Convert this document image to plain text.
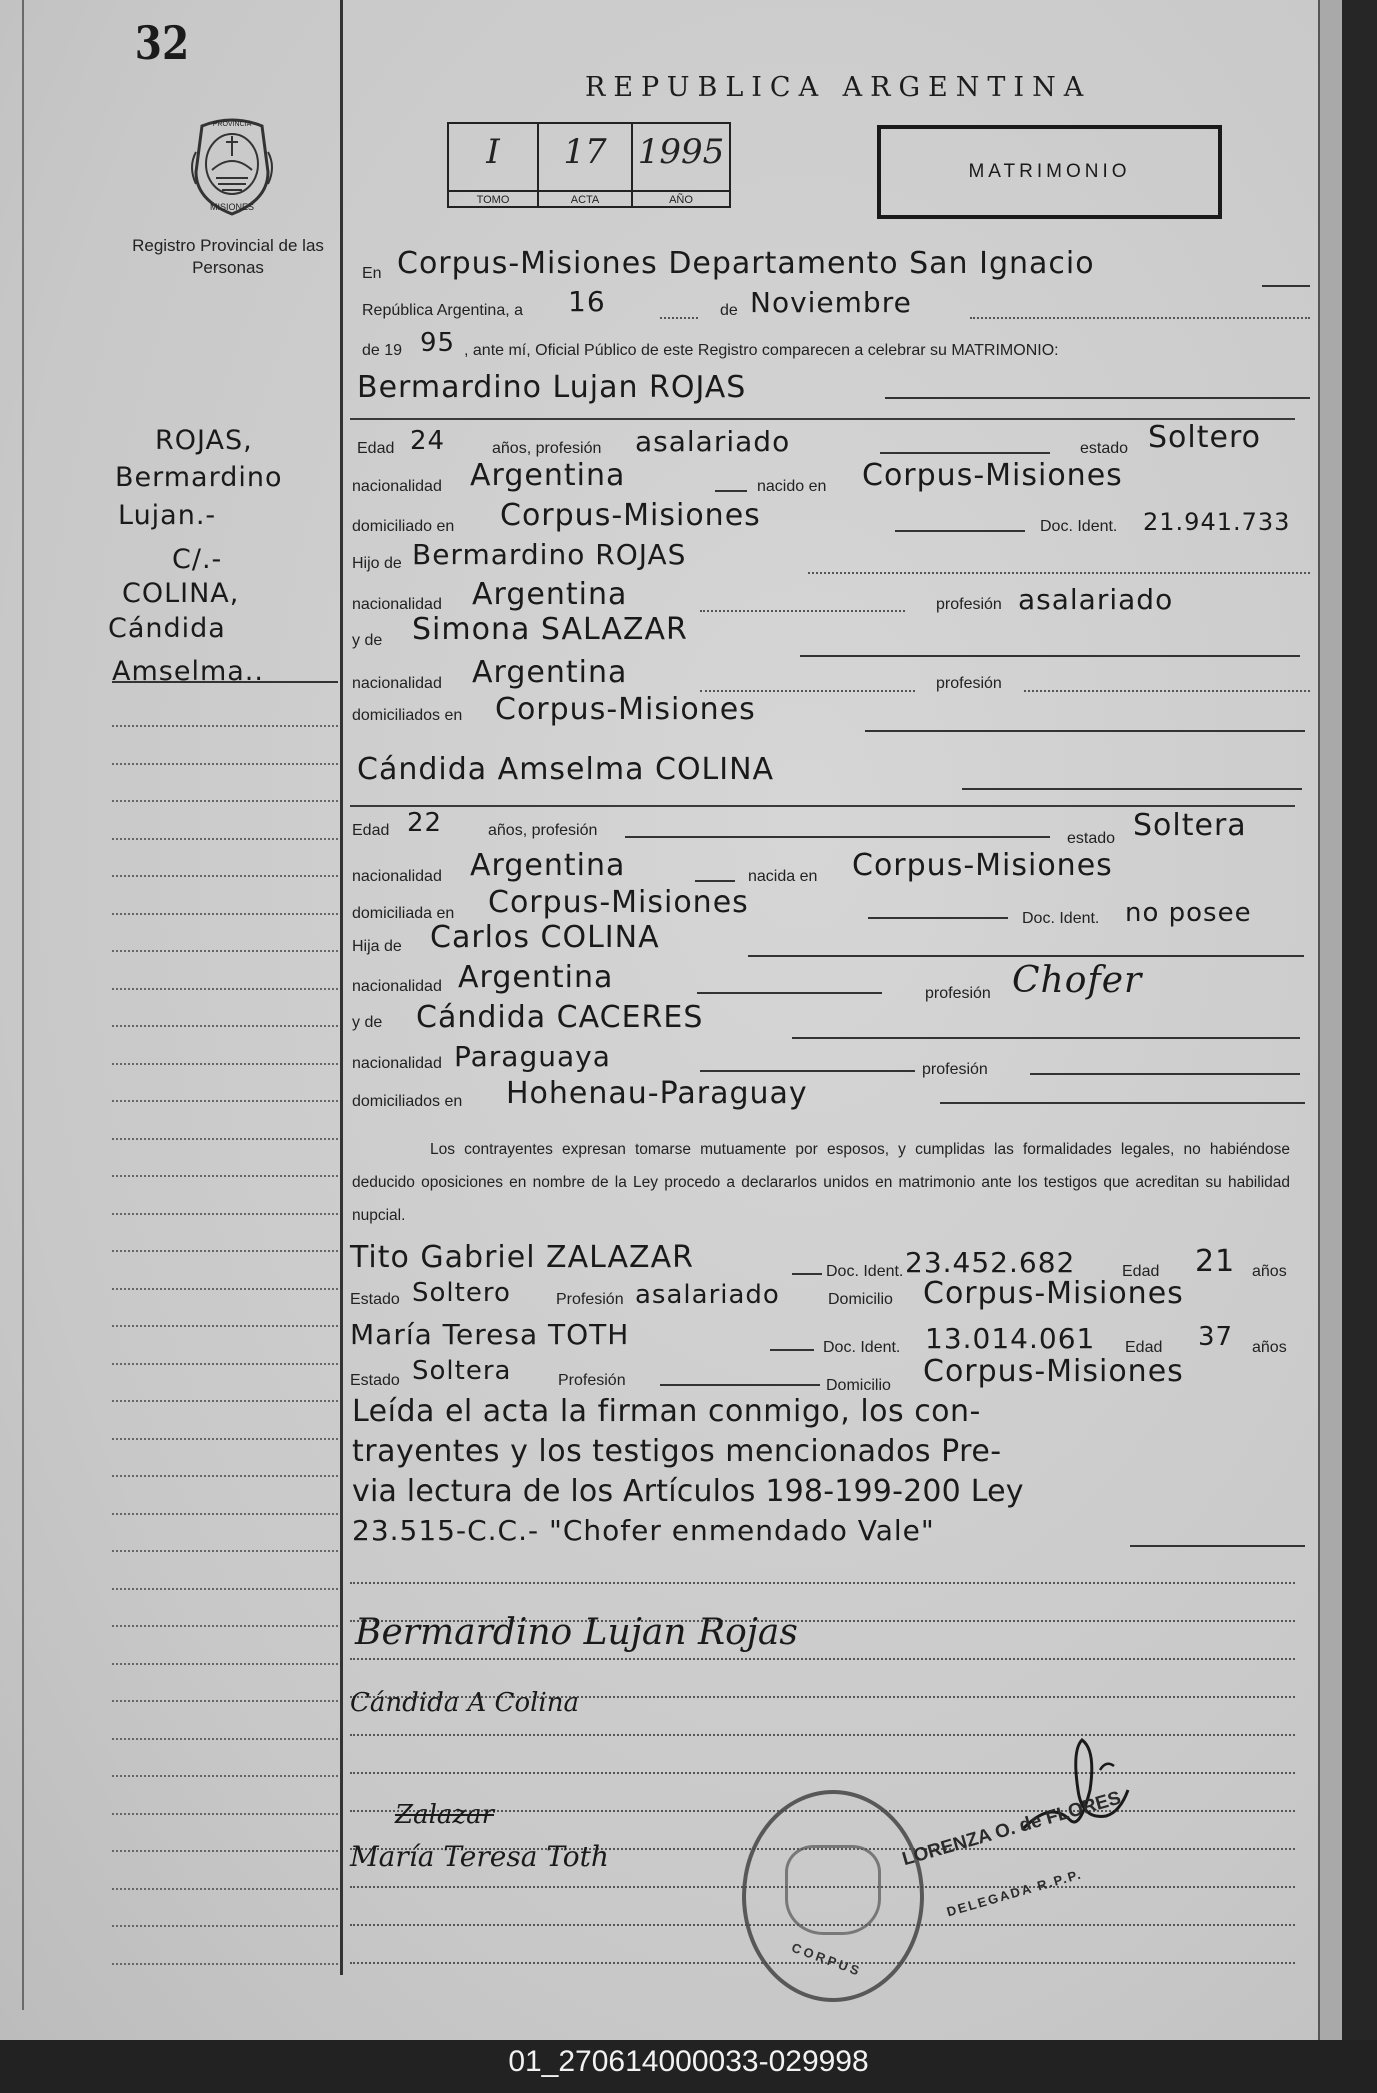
32
MISIONES
PROVINCIA
Registro Provincial de las Personas
REPUBLICA ARGENTINA
I
TOMO
17
ACTA
1995
AÑO
MATRIMONIO
ROJAS,
Bermardino
Lujan.-
C/.-
COLINA,
Cándida
Amselma..
En Corpus-Misiones Departamento San Ignacio
República Argentina, a 16	de Noviembre
de 19 95 , ante mí, Oficial Público de este Registro comparecen a celebrar su MATRIMONIO:
Bermardino Lujan ROJAS
Edad 24	años, profesión asalariado	estado Soltero
nacionalidad Argentina	nacido en Corpus-Misiones
domiciliado en Corpus-Misiones	Doc. Ident. 21.941.733
Hijo de Bermardino ROJAS
nacionalidad Argentina	profesión asalariado
y de Simona SALAZAR
nacionalidad Argentina	profesión
domiciliados en Corpus-Misiones
Cándida Amselma COLINA
Edad 22	años, profesión	estado Soltera
nacionalidad Argentina	nacida en Corpus-Misiones
domiciliada en Corpus-Misiones	Doc. Ident. no posee
Hija de Carlos COLINA
nacionalidad Argentina	profesión Chofer
y de Cándida CACERES
nacionalidad Paraguaya	profesión
domiciliados en Hohenau-Paraguay
Los contrayentes expresan tomarse mutuamente por esposos, y cumplidas las formalidades legales, no habiéndose deducido oposiciones en nombre de la Ley procedo a declararlos unidos en matrimonio ante los testigos que acreditan su habilidad nupcial.
Tito Gabriel ZALAZAR	Doc. Ident. 23.452.682	Edad 21 años
Estado Soltero	Profesión asalariado	Domicilio Corpus-Misiones
María Teresa TOTH	Doc. Ident. 13.014.061 Edad 37 años
Estado Soltera	Profesión	Domicilio Corpus-Misiones
Leída el acta la firman conmigo, los con-
trayentes y los testigos mencionados Pre-
via lectura de los Artículos 198-199-200 Ley
23.515-C.C.- "Chofer enmendado Vale"
Bermardino Lujan Rojas
Cándida A Colina
Zalazar
María Teresa Toth
CORPUS
LORENZA O. de FLORES
DELEGADA R.P.P.
01_270614000033-029998
